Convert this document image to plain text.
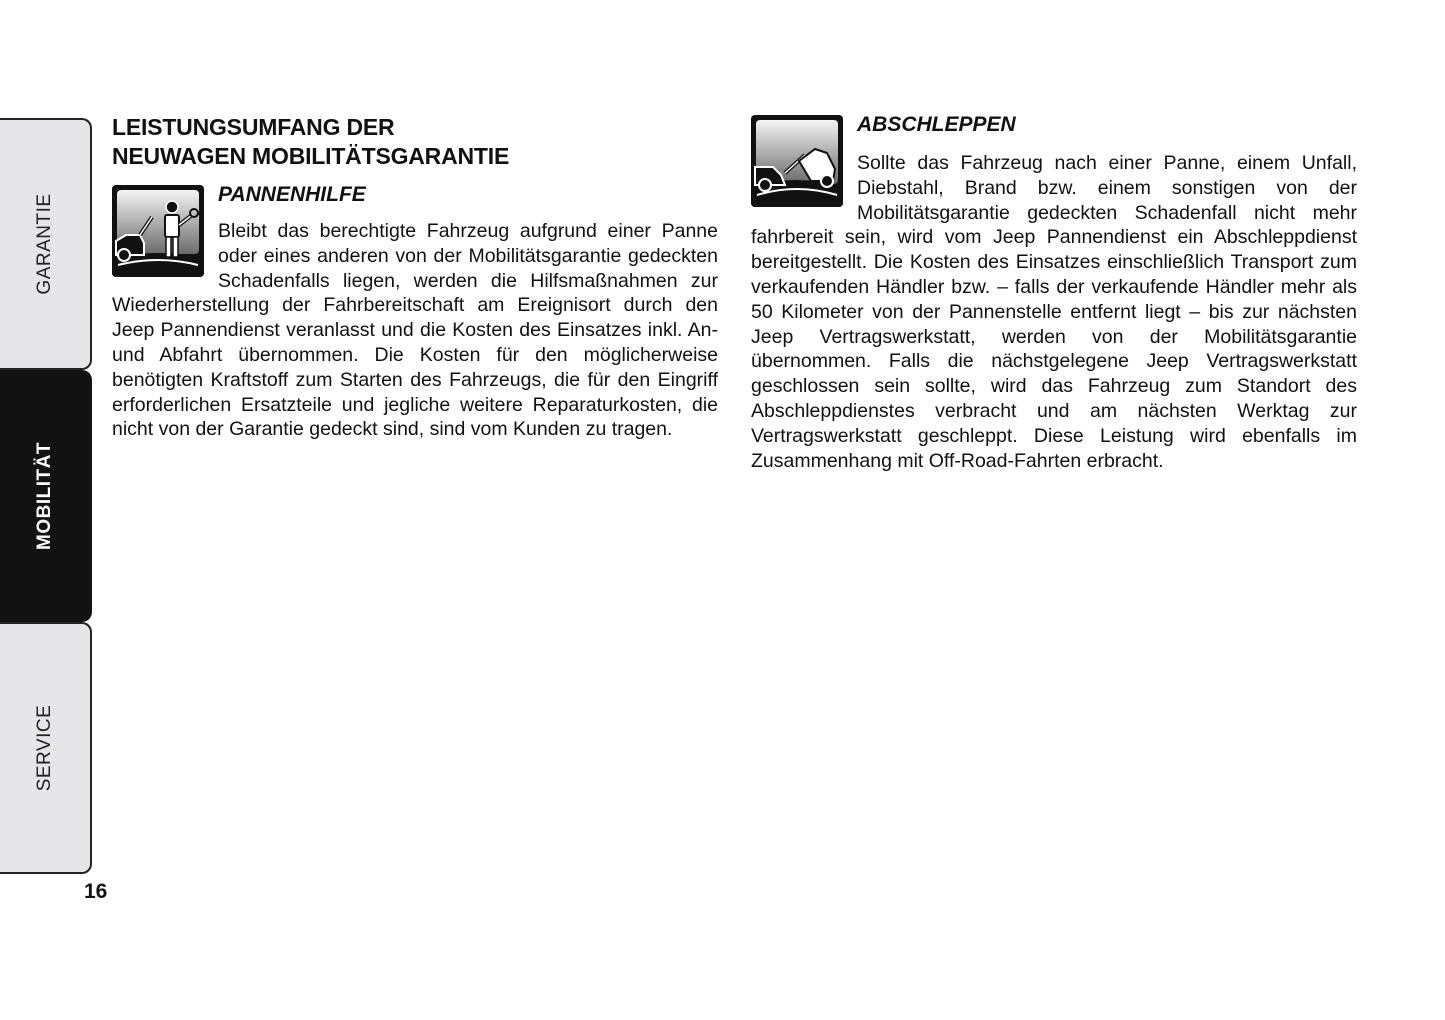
GARANTIE
MOBILITÄT
SERVICE
16
LEISTUNGSUMFANG DER
NEUWAGEN MOBILITÄTSGARANTIE
PANNENHILFE

Bleibt das berechtigte Fahrzeug aufgrund einer Panne oder eines anderen von der Mobilitätsgarantie gedeckten Schadenfalls liegen, werden die Hilfsmaßnahmen zur Wiederherstellung der Fahrbereitschaft am Ereignisort durch den Jeep Pannendienst veranlasst und die Kosten des Einsatzes inkl. An- und Abfahrt übernommen. Die Kosten für den möglicherweise benötigten Kraftstoff zum Starten des Fahrzeugs, die für den Eingriff erforderlichen Ersatzteile und jegliche weitere Reparaturkosten, die nicht von der Garantie gedeckt sind, sind vom Kunden zu tragen.

ABSCHLEPPEN

Sollte das Fahrzeug nach einer Panne, einem Unfall, Diebstahl, Brand bzw. einem sonstigen von der Mobilitätsgarantie gedeckten Schadenfall nicht mehr fahrbereit sein, wird vom Jeep Pannendienst ein Abschleppdienst bereitgestellt. Die Kosten des Einsatzes einschließlich Transport zum verkaufenden Händler bzw. – falls der verkaufende Händler mehr als 50 Kilometer von der Pannenstelle entfernt liegt – bis zur nächsten Jeep Vertragswerkstatt, werden von der Mobilitätsgarantie übernommen. Falls die nächstgelegene Jeep Vertragswerkstatt geschlossen sein sollte, wird das Fahrzeug zum Standort des Abschleppdienstes verbracht und am nächsten Werktag zur Vertragswerkstatt geschleppt. Diese Leistung wird ebenfalls im Zusammenhang mit Off-Road-Fahrten erbracht.
